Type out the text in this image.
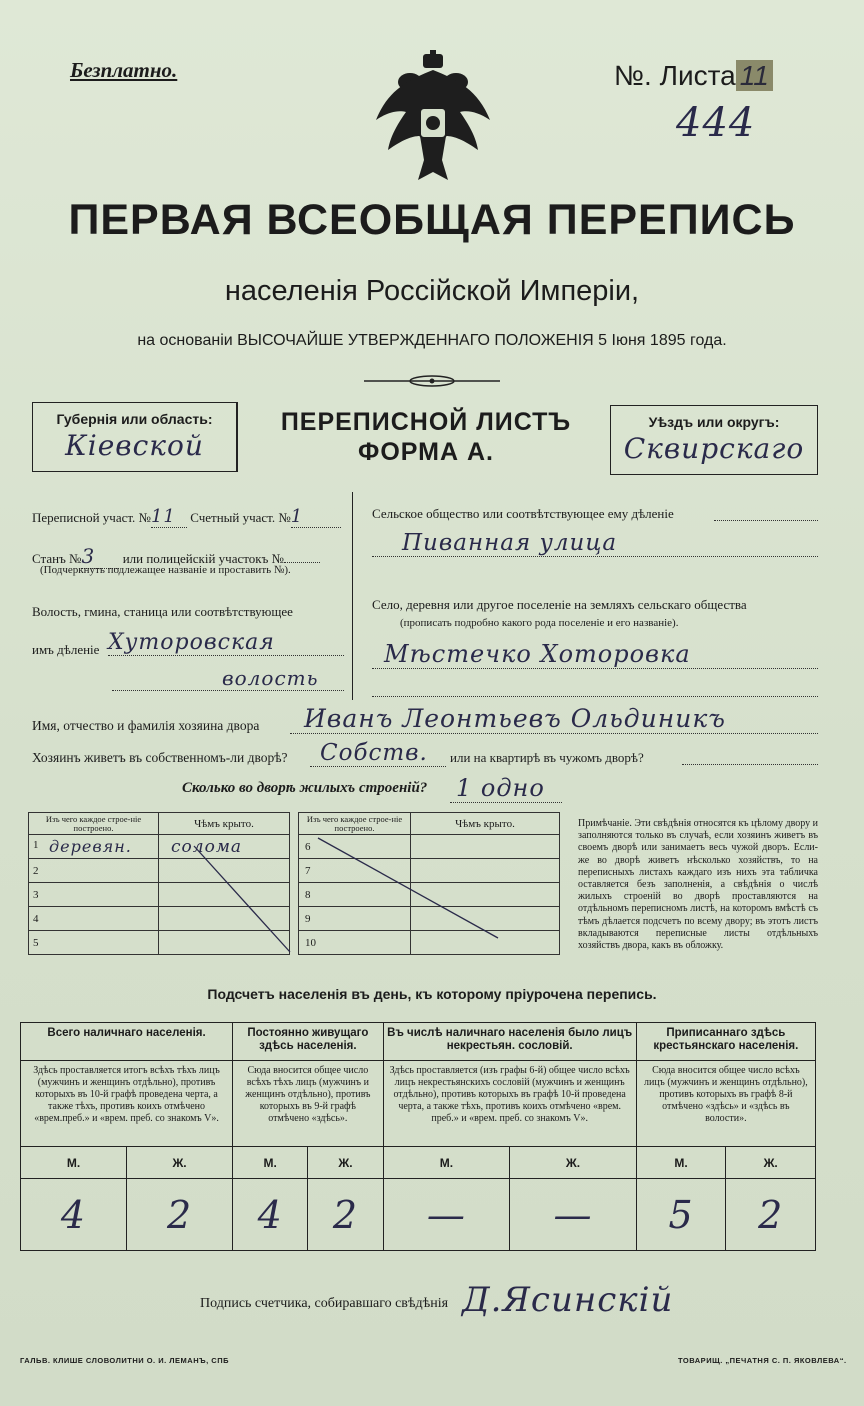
Безплатно.	№. Листа 11
444
ПЕРВАЯ ВСЕОБЩАЯ ПЕРЕПИСЬ
населенія Россійской Имперіи,
на основаніи ВЫСОЧАЙШЕ УТВЕРЖДЕННАГО ПОЛОЖЕНІЯ 5 Іюня 1895 года.
Губернія или область:
Кіевской
ПЕРЕПИСНОЙ ЛИСТЪ
ФОРМА А.
Уѣздъ или округъ:
Сквирскаго
Переписной участ. №11 Счетный участ. №1
Станъ №3 или полицейскій участокъ №
(Подчеркнуть подлежащее названіе и проставить №).
Волость, гмина, станица или соотвѣтствующее
имъ дѣленіе Хуторовская
волость
Сельское общество или соотвѣтствующее ему дѣленіе
Пиванная улица
Село, деревня или другое поселеніе на земляхъ сельскаго общества
(прописать подробно какого рода поселеніе и его названіе).
Мѣстечко Хоторовка
Имя, отчество и фамилія хозяина двора	Иванъ Леонтьевъ Ольдиникъ
Хозяинъ живетъ въ собственномъ-ли дворѣ?	Собств.	или на квартирѣ въ чужомъ дворѣ?
Сколько во дворѣ жилыхъ строеній? 1 одно
Изъ чего каждое строе-ніе построено.	Чѣмъ крыто.

1 деревян.	солома
2	
3	
4	
5	
Изъ чего каждое строе-ніе построено.	Чѣмъ крыто.
6	
7	
8	
9	
10	
Примѣчаніе. Эти свѣдѣнія относятся къ цѣлому двору и заполняются только въ случаѣ, если хозяинъ живетъ въ своемъ дворѣ или занимаетъ весь чужой дворъ. Если-же во дворѣ живетъ нѣсколько хозяйствъ, то на переписныхъ листахъ каждаго изъ нихъ эта табличка оставляется безъ заполненія, а свѣдѣнія о числѣ жилыхъ строеній во дворѣ проставляются на отдѣльномъ переписномъ листѣ, на которомъ вмѣстѣ съ тѣмъ дѣлается подсчетъ по всему двору; въ этотъ листъ вкладываются переписные листы отдѣльныхъ хозяйствъ двора, какъ въ обложку.
Подсчетъ населенія въ день, къ которому пріурочена перепись.
Всего наличнаго населенія.		Постоянно живущаго здѣсь населенія.		Въ числѣ наличнаго населенія было лицъ некрестьян. сословій.		Приписаннаго здѣсь крестьянскаго населенія.	
Здѣсь проставляется итогъ всѣхъ тѣхъ лицъ (мужчинъ и женщинъ отдѣльно), противъ которыхъ въ 10-й графѣ проведена черта, а также тѣхъ, противъ коихъ отмѣчено «врем.преб.» и «врем. преб. со знакомъ V».		Сюда вносится общее число всѣхъ тѣхъ лицъ (мужчинъ и женщинъ отдѣльно), противъ которыхъ въ 9-й графѣ отмѣчено «здѣсь».		Здѣсь проставляется (изъ графы 6-й) общее число всѣхъ лицъ некрестьянскихъ сословій (мужчинъ и женщинъ отдѣльно), противъ которыхъ въ графѣ 10-й проведена черта, а также тѣхъ, противъ коихъ отмѣчено «врем. преб.» и «врем. преб. со знакомъ V».		Сюда вносится общее число всѣхъ лицъ (мужчинъ и женщинъ отдѣльно), противъ которыхъ въ графѣ 8-й отмѣчено «здѣсь» и «здѣсь въ волости».	
М.	Ж.	М.	Ж.	М.	Ж.	М.	Ж.
4	2	4	2	—	—	5	2
Подпись счетчика, собиравшаго свѣдѣнія Д.Ясинскій
ГАЛЬВ. КЛИШЕ СЛОВОЛИТНИ О. И. ЛЕМАНЪ, СПБ	ТОВАРИЩ. „ПЕЧАТНЯ С. П. ЯКОВЛЕВА“.
